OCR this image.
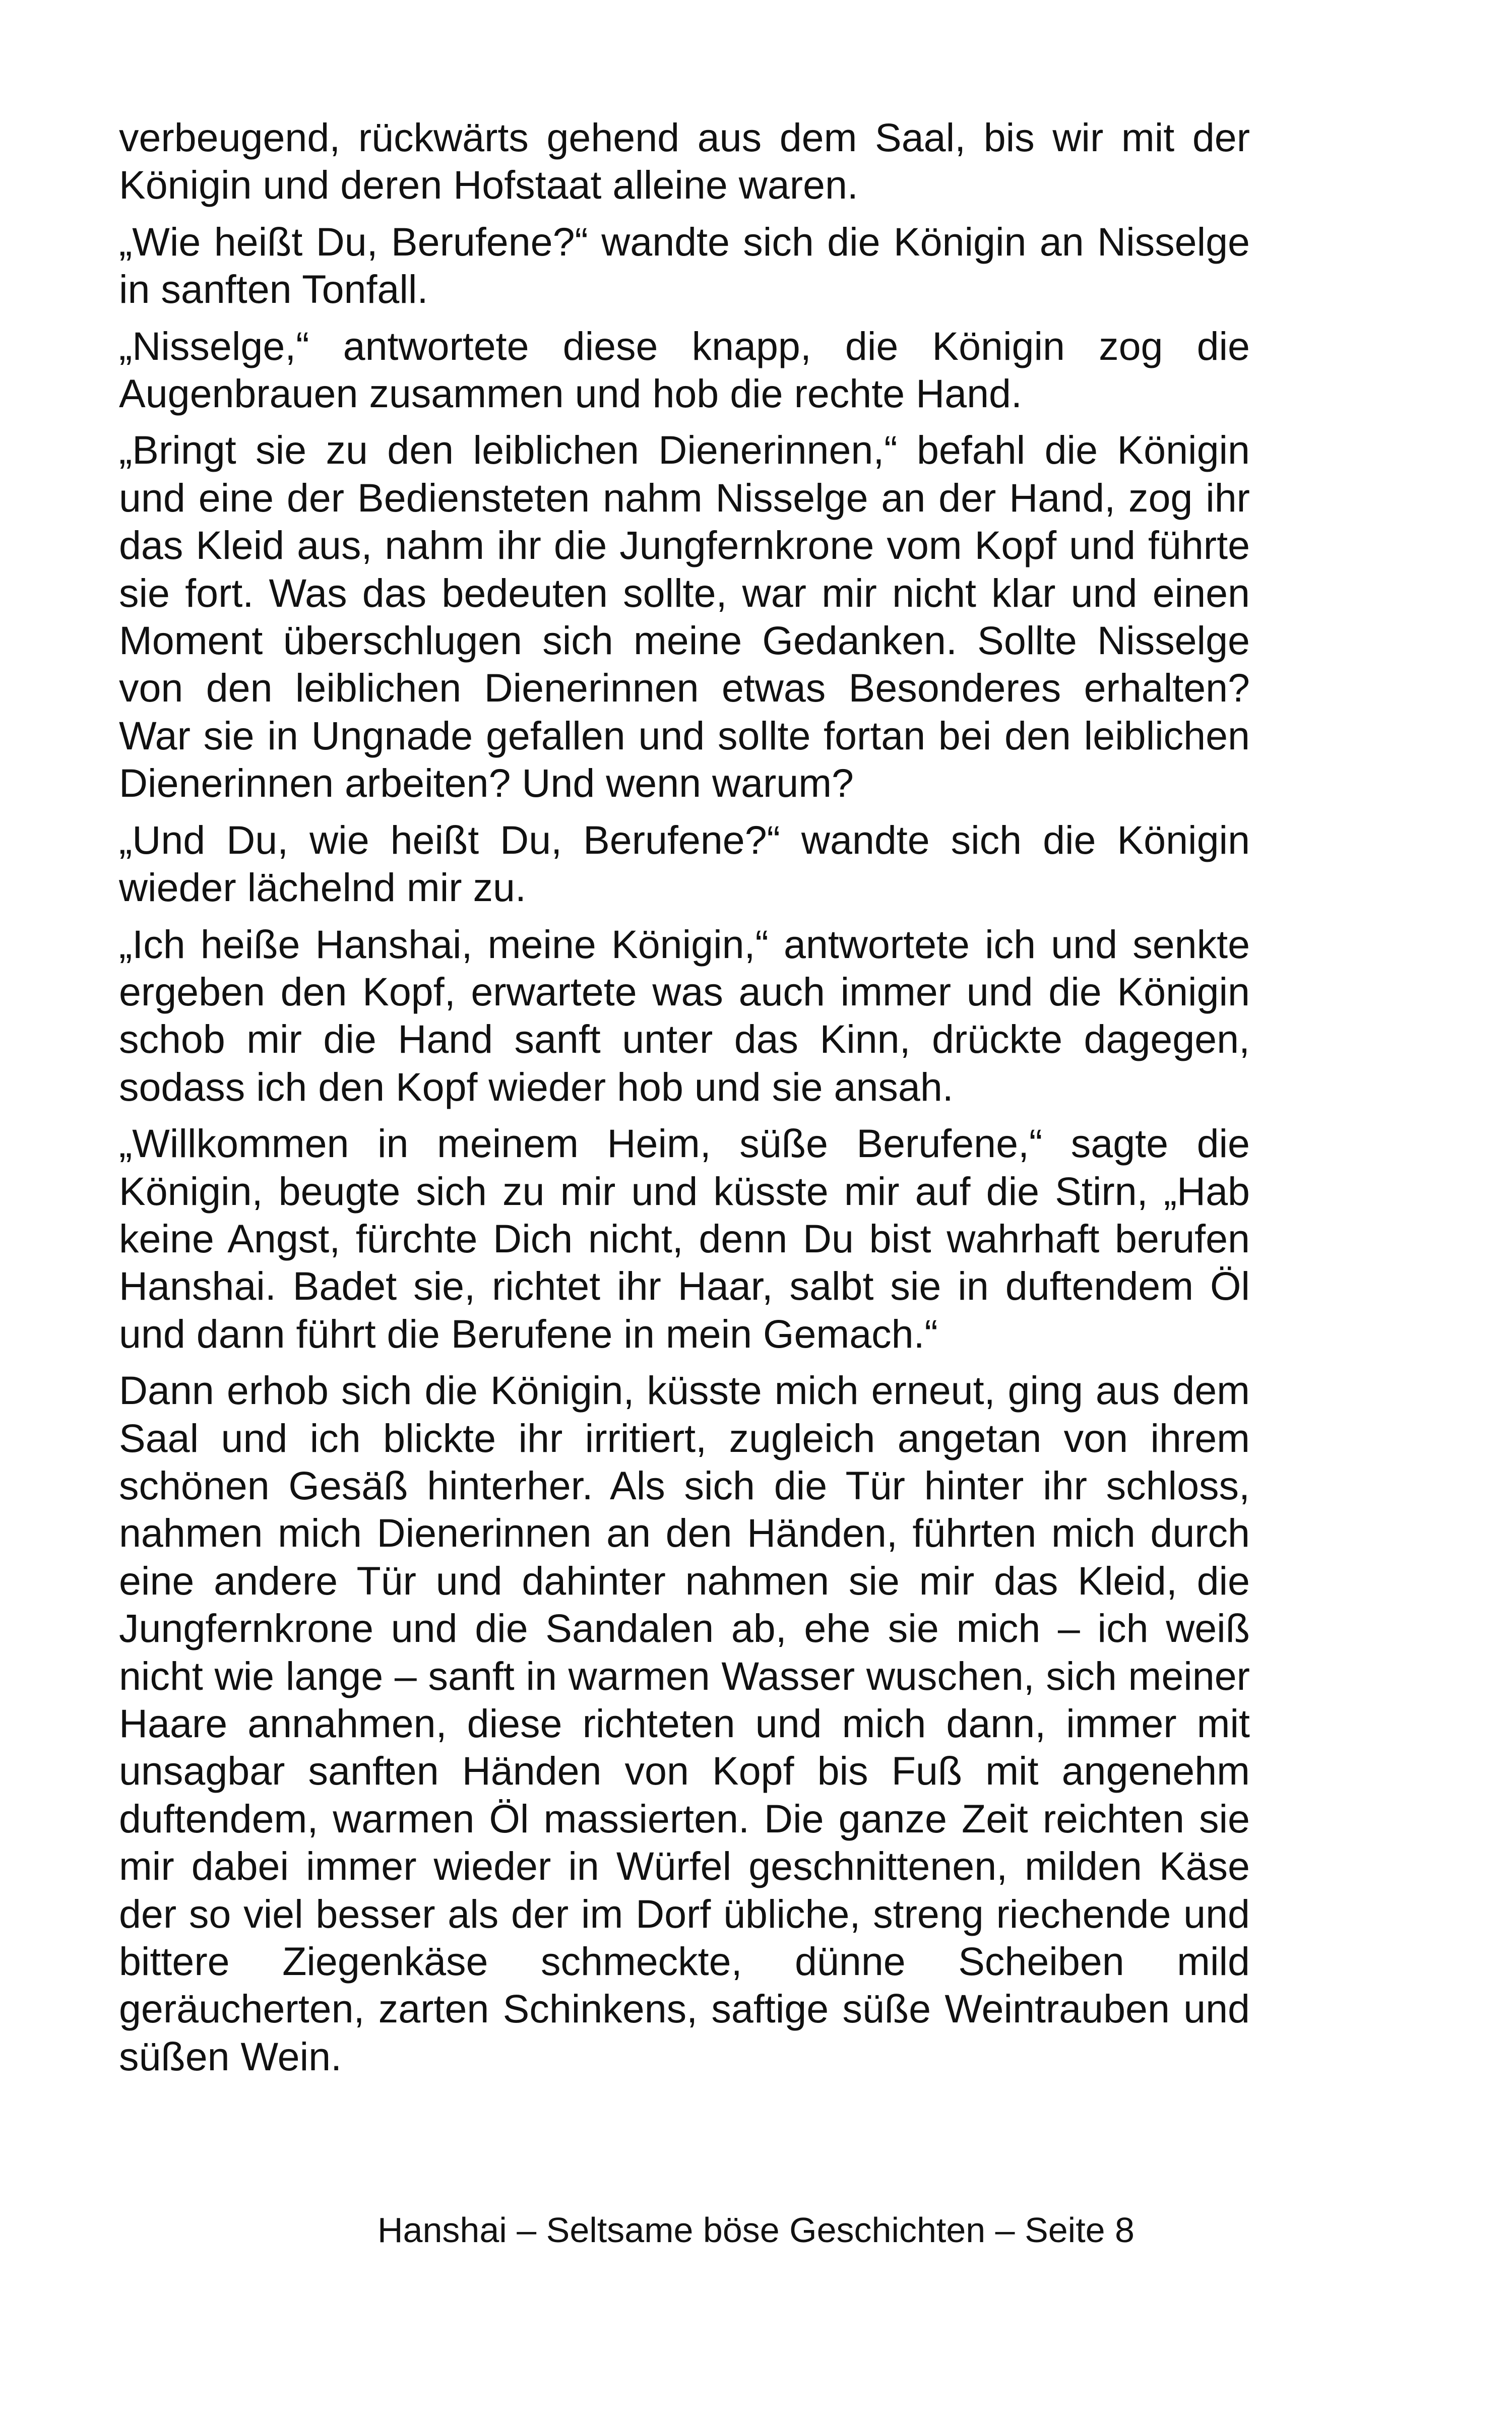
verbeugend, rückwärts gehend aus dem Saal, bis wir mit der Königin und deren Hofstaat alleine waren.

„Wie heißt Du, Berufene?“ wandte sich die Königin an Nisselge in sanften Tonfall.

„Nisselge,“ antwortete diese knapp, die Königin zog die Augenbrauen zusammen und hob die rechte Hand.

„Bringt sie zu den leiblichen Dienerinnen,“ befahl die Königin und eine der Bediensteten nahm Nisselge an der Hand, zog ihr das Kleid aus, nahm ihr die Jungfernkrone vom Kopf und führte sie fort. Was das bedeuten sollte, war mir nicht klar und einen Moment überschlugen sich meine Gedanken. Sollte Nisselge von den leiblichen Dienerinnen etwas Besonderes erhalten? War sie in Ungnade gefallen und sollte fortan bei den leiblichen Dienerinnen arbeiten? Und wenn warum?

„Und Du, wie heißt Du, Berufene?“ wandte sich die Königin wieder lächelnd mir zu.

„Ich heiße Hanshai, meine Königin,“ antwortete ich und senkte ergeben den Kopf, erwartete was auch immer und die Königin schob mir die Hand sanft unter das Kinn, drückte dagegen, sodass ich den Kopf wieder hob und sie ansah.

„Willkommen in meinem Heim, süße Berufene,“ sagte die Königin, beugte sich zu mir und küsste mir auf die Stirn, „Hab keine Angst, fürchte Dich nicht, denn Du bist wahrhaft berufen Hanshai. Badet sie, richtet ihr Haar, salbt sie in duftendem Öl und dann führt die Berufene in mein Gemach.“

Dann erhob sich die Königin, küsste mich erneut, ging aus dem Saal und ich blickte ihr irritiert, zugleich angetan von ihrem schönen Gesäß hinterher. Als sich die Tür hinter ihr schloss, nahmen mich Dienerinnen an den Händen, führten mich durch eine andere Tür und dahinter nahmen sie mir das Kleid, die Jungfernkrone und die Sandalen ab, ehe sie mich – ich weiß nicht wie lange – sanft in warmen Wasser wuschen, sich meiner Haare annahmen, diese richteten und mich dann, immer mit unsagbar sanften Händen von Kopf bis Fuß mit angenehm duftendem, warmen Öl massierten. Die ganze Zeit reichten sie mir dabei immer wieder in Würfel geschnittenen, milden Käse der so viel besser als der im Dorf übliche, streng riechende und bittere Ziegenkäse schmeckte, dünne Scheiben mild geräucherten, zarten Schinkens, saftige süße Weintrauben und süßen Wein.

Hanshai – Seltsame böse Geschichten – Seite 8
